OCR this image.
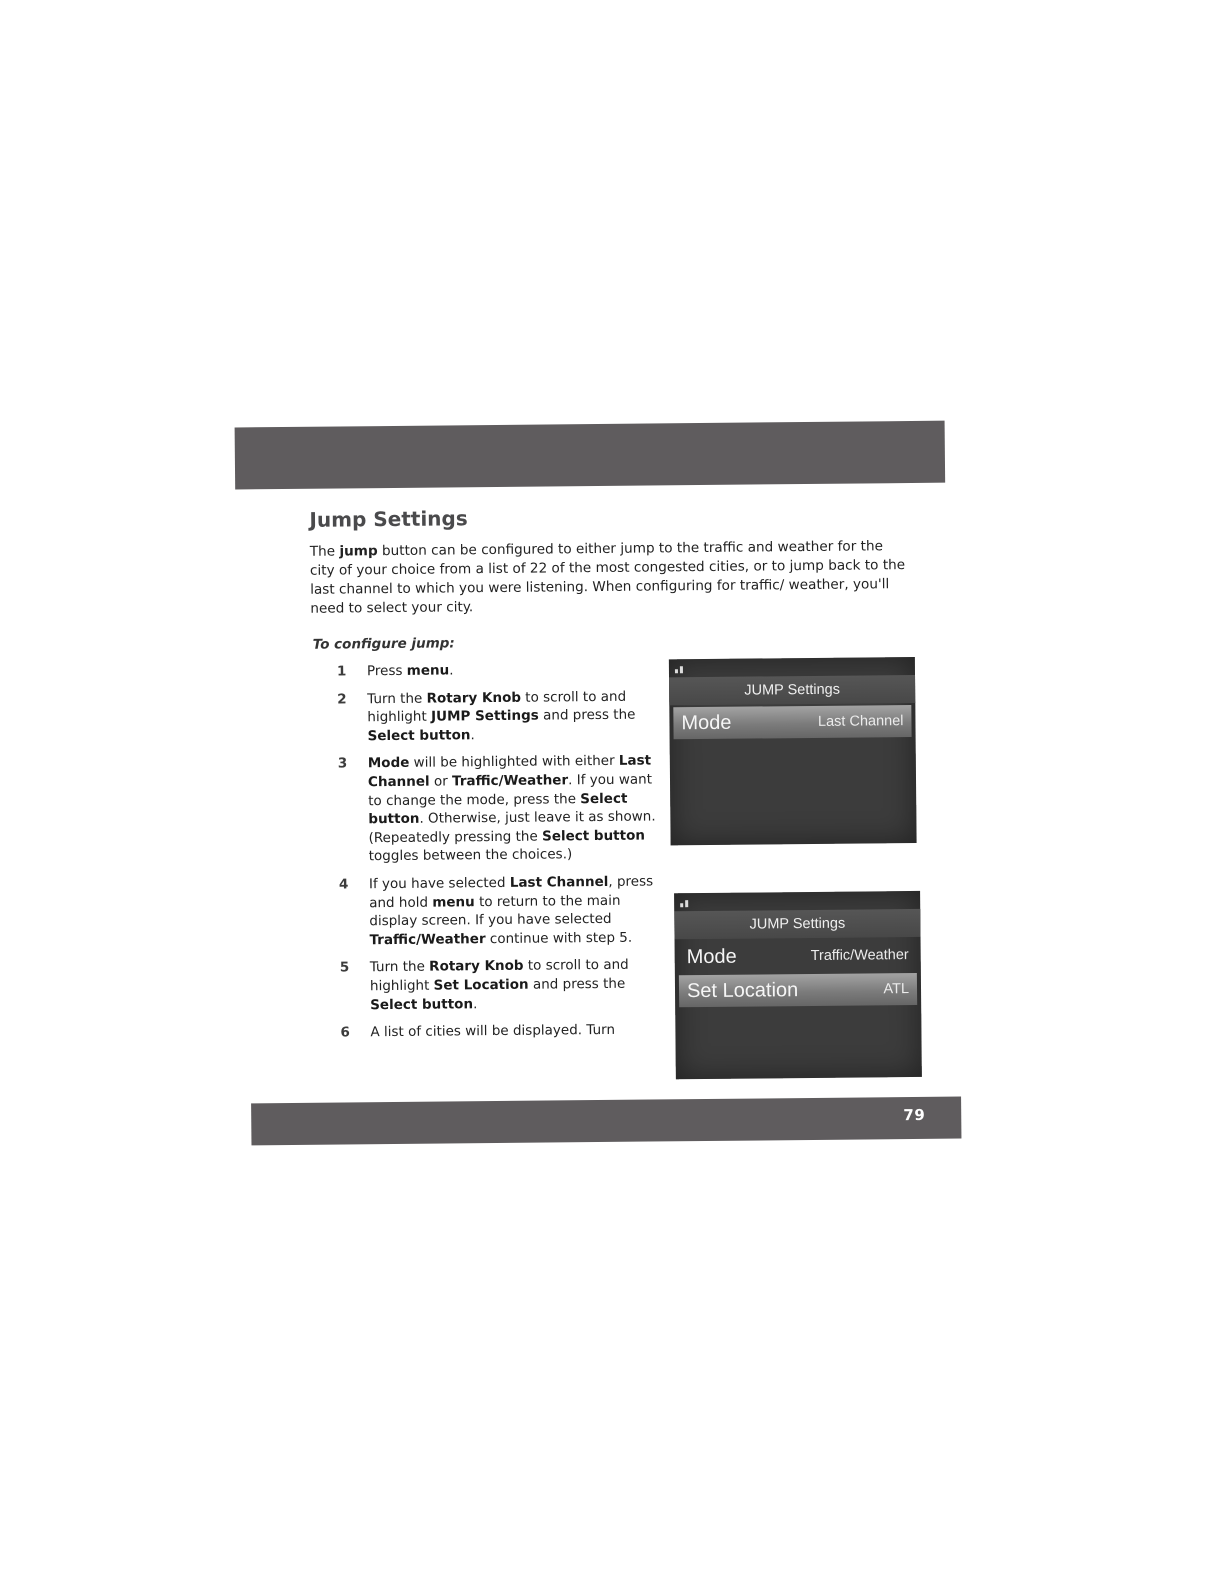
Jump Settings

The jump button can be configured to either jump to the traffic and weather for the city of your choice from a list of 22 of the most congested cities, or to jump back to the last channel to which you were listening. When configuring for traffic/ weather, you'll need to select your city.

To configure jump:
1	Press menu.
2	Turn the Rotary Knob to scroll to and highlight JUMP Settings and press the Select button.
3	Mode will be highlighted with either Last Channel or Traffic/Weather. If you want to change the mode, press the Select button. Otherwise, just leave it as shown. (Repeatedly pressing the Select button toggles between the choices.)
4	If you have selected Last Channel, press and hold menu to return to the main display screen. If you have selected Traffic/Weather continue with step 5.
5	Turn the Rotary Knob to scroll to and highlight Set Location and press the Select button.
6	A list of cities will be displayed. Turn
JUMP Settings
Mode	Last Channel
JUMP Settings
Mode	Traffic/Weather
Set Location	ATL
79
